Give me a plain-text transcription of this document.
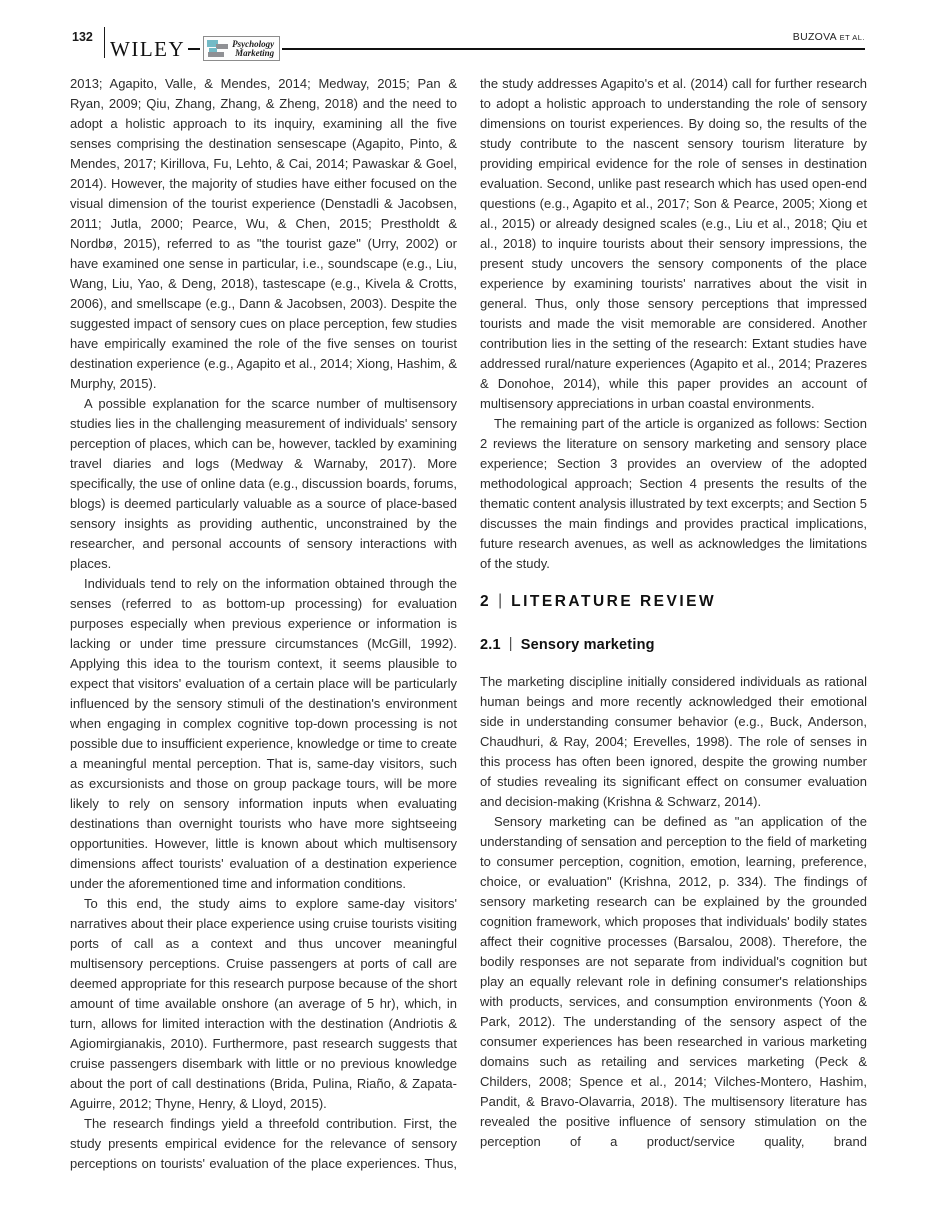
132 WILEY	Psychology
Marketing
BUZOVA ET AL.

2013; Agapito, Valle, & Mendes, 2014; Medway, 2015; Pan & Ryan, 2009; Qiu, Zhang, Zhang, & Zheng, 2018) and the need to adopt a holistic approach to its inquiry, examining all the five senses comprising the destination sensescape (Agapito, Pinto, & Mendes, 2017; Kirillova, Fu, Lehto, & Cai, 2014; Pawaskar & Goel, 2014). However, the majority of studies have either focused on the visual dimension of the tourist experience (Denstadli & Jacobsen, 2011; Jutla, 2000; Pearce, Wu, & Chen, 2015; Prestholdt & Nordbø, 2015), referred to as "the tourist gaze" (Urry, 2002) or have examined one sense in particular, i.e., soundscape (e.g., Liu, Wang, Liu, Yao, & Deng, 2018), tastescape (e.g., Kivela & Crotts, 2006), and smellscape (e.g., Dann & Jacobsen, 2003). Despite the suggested impact of sensory cues on place perception, few studies have empirically examined the role of the five senses on tourist destination experience (e.g., Agapito et al., 2014; Xiong, Hashim, & Murphy, 2015).

A possible explanation for the scarce number of multisensory studies lies in the challenging measurement of individuals' sensory perception of places, which can be, however, tackled by examining travel diaries and logs (Medway & Warnaby, 2017). More specifically, the use of online data (e.g., discussion boards, forums, blogs) is deemed particularly valuable as a source of place-based sensory insights as providing authentic, unconstrained by the researcher, and personal accounts of sensory interactions with places.

Individuals tend to rely on the information obtained through the senses (referred to as bottom-up processing) for evaluation purposes especially when previous experience or information is lacking or under time pressure circumstances (McGill, 1992). Applying this idea to the tourism context, it seems plausible to expect that visitors' evaluation of a certain place will be particularly influenced by the sensory stimuli of the destination's environment when engaging in complex cognitive top-down processing is not possible due to insufficient experience, knowledge or time to create a meaningful mental perception. That is, same-day visitors, such as excursionists and those on group package tours, will be more likely to rely on sensory information inputs when evaluating destinations than overnight tourists who have more sightseeing opportunities. However, little is known about which multisensory dimensions affect tourists' evaluation of a destination experience under the aforementioned time and information conditions.

To this end, the study aims to explore same-day visitors' narratives about their place experience using cruise tourists visiting ports of call as a context and thus uncover meaningful multisensory perceptions. Cruise passengers at ports of call are deemed appropriate for this research purpose because of the short amount of time available onshore (an average of 5 hr), which, in turn, allows for limited interaction with the destination (Andriotis & Agiomirgianakis, 2010). Furthermore, past research suggests that cruise passengers disembark with little or no previous knowledge about the port of call destinations (Brida, Pulina, Riaño, & Zapata- Aguirre, 2012; Thyne, Henry, & Lloyd, 2015).

The research findings yield a threefold contribution. First, the study presents empirical evidence for the relevance of sensory perceptions on tourists' evaluation of the place experiences. Thus,

the study addresses Agapito's et al. (2014) call for further research to adopt a holistic approach to understanding the role of sensory dimensions on tourist experiences. By doing so, the results of the study contribute to the nascent sensory tourism literature by providing empirical evidence for the role of senses in destination evaluation. Second, unlike past research which has used open-end questions (e.g., Agapito et al., 2017; Son & Pearce, 2005; Xiong et al., 2015) or already designed scales (e.g., Liu et al., 2018; Qiu et al., 2018) to inquire tourists about their sensory impressions, the present study uncovers the sensory components of the place experience by examining tourists' narratives about the visit in general. Thus, only those sensory perceptions that impressed tourists and made the visit memorable are considered. Another contribution lies in the setting of the research: Extant studies have addressed rural/nature experiences (Agapito et al., 2014; Prazeres & Donohoe, 2014), while this paper provides an account of multisensory appreciations in urban coastal environments.

The remaining part of the article is organized as follows: Section 2 reviews the literature on sensory marketing and sensory place experience; Section 3 provides an overview of the adopted methodological approach; Section 4 presents the results of the thematic content analysis illustrated by text excerpts; and Section 5 discusses the main findings and provides practical implications, future research avenues, as well as acknowledges the limitations of the study.

2 | LITERATURE REVIEW
2.1 | Sensory marketing

The marketing discipline initially considered individuals as rational human beings and more recently acknowledged their emotional side in understanding consumer behavior (e.g., Buck, Anderson, Chaudhuri, & Ray, 2004; Erevelles, 1998). The role of senses in this process has often been ignored, despite the growing number of studies revealing its significant effect on consumer evaluation and decision-making (Krishna & Schwarz, 2014).

Sensory marketing can be defined as "an application of the understanding of sensation and perception to the field of marketing to consumer perception, cognition, emotion, learning, preference, choice, or evaluation" (Krishna, 2012, p. 334). The findings of sensory marketing research can be explained by the grounded cognition framework, which proposes that individuals' bodily states affect their cognitive processes (Barsalou, 2008). Therefore, the bodily responses are not separate from individual's cognition but play an equally relevant role in defining consumer's relationships with products, services, and consumption environments (Yoon & Park, 2012). The understanding of the sensory aspect of the consumer experiences has been researched in various marketing domains such as retailing and services marketing (Peck & Childers, 2008; Spence et al., 2014; Vilches-Montero, Hashim, Pandit, & Bravo-Olavarria, 2018). The multisensory literature has revealed the positive influence of sensory stimulation on the perception of a product/service quality, brand
